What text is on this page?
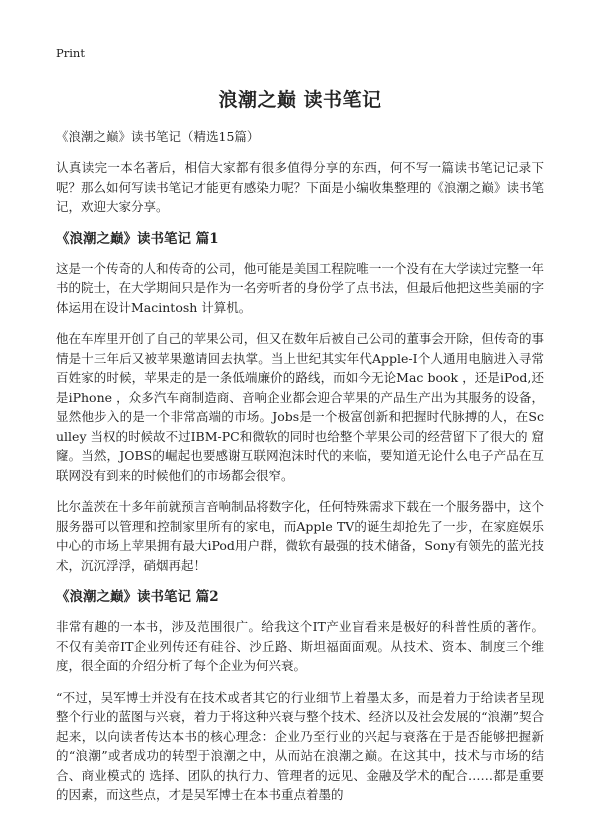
Print
浪潮之巅 读书笔记

《浪潮之巅》读书笔记（精选15篇）

认真读完一本名著后，相信大家都有很多值得分享的东西，何不写一篇读书笔记记录下呢？那么如何写读书笔记才能更有感染力呢？下面是小编收集整理的《浪潮之巅》读书笔记，欢迎大家分享。

《浪潮之巅》读书笔记 篇1

这是一个传奇的人和传奇的公司，他可能是美国工程院唯一一个没有在大学读过完整一年书的院士，在大学期间只是作为一名旁听者的身份学了点书法，但最后他把这些美丽的字体运用在设计Macintosh 计算机。

他在车库里开创了自己的苹果公司，但又在数年后被自己公司的董事会开除，但传奇的事情是十三年后又被苹果邀请回去执掌。当上世纪其实年代Apple-I个人通用电脑进入寻常百姓家的时候，苹果走的是一条低端廉价的路线，而如今无论Mac book ，还是iPod,还是iPhone ，众多汽车商制造商、音响企业都会迎合苹果的产品生产出为其服务的设备，显然他步入的是一个非常高端的市场。Jobs是一个极富创新和把握时代脉搏的人，在Sculley 当权的时候故不过IBM-PC和微软的同时也给整个苹果公司的经营留下了很大的 窟窿。当然，JOBS的崛起也要感谢互联网泡沫时代的来临，要知道无论什么电子产品在互联网没有到来的时候他们的市场都会很窄。

比尔盖茨在十多年前就预言音响制品将数字化，任何特殊需求下载在一个服务器中，这个服务器可以管理和控制家里所有的家电，而Apple TV的诞生却抢先了一步，在家庭娱乐中心的市场上苹果拥有最大iPod用户群，微软有最强的技术储备，Sony有领先的蓝光技术，沉沉浮浮，硝烟再起！

《浪潮之巅》读书笔记 篇2

非常有趣的一本书，涉及范围很广。给我这个IT产业盲看来是极好的科普性质的著作。不仅有美帝IT企业列传还有硅谷、沙丘路、斯坦福面面观。从技术、资本、制度三个维度，很全面的介绍分析了每个企业为何兴衰。

“不过，吴军博士并没有在技术或者其它的行业细节上着墨太多，而是着力于给读者呈现整个行业的蓝图与兴衰，着力于将这种兴衰与整个技术、经济以及社会发展的“浪潮”契合起来，以向读者传达本书的核心理念：企业乃至行业的兴起与衰落在于是否能够把握新的“浪潮”或者成功的转型于浪潮之中，从而站在浪潮之巅。在这其中，技术与市场的结合、商业模式的 选择、团队的执行力、管理者的远见、金融及学术的配合……都是重要的因素，而这些点，才是吴军博士在本书重点着墨的
